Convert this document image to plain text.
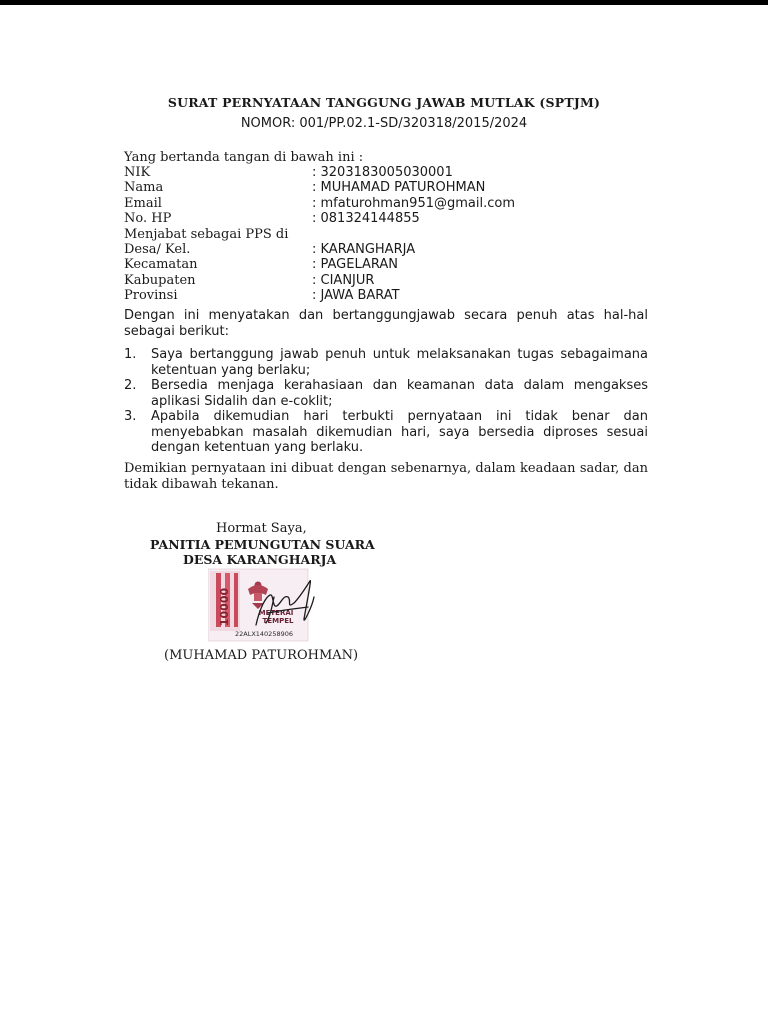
SURAT PERNYATAAN TANGGUNG JAWAB MUTLAK (SPTJM)
NOMOR: 001/PP.02.1-SD/320318/2015/2024
Yang bertanda tangan di bawah ini :
NIK	: 3203183005030001
Nama	: MUHAMAD PATUROHMAN
Email	: mfaturohman951@gmail.com
No. HP	: 081324144855
Menjabat sebagai PPS di
Desa/ Kel.	: KARANGHARJA
Kecamatan	: PAGELARAN
Kabupaten	: CIANJUR
Provinsi	: JAWA BARAT
Dengan ini menyatakan dan bertanggungjawab secara penuh atas hal-hal sebagai berikut:
1.	Saya bertanggung jawab penuh untuk melaksanakan tugas sebagaimana ketentuan yang berlaku;
2.	Bersedia menjaga kerahasiaan dan keamanan data dalam mengakses aplikasi Sidalih dan e-coklit;
3.	Apabila dikemudian hari terbukti pernyataan ini tidak benar dan menyebabkan masalah dikemudian hari, saya bersedia diproses sesuai dengan ketentuan yang berlaku.
Demikian pernyataan ini dibuat dengan sebenarnya, dalam keadaan sadar, dan tidak dibawah tekanan.
Hormat Saya,
PANITIA PEMUNGUTAN SUARA
DESA KARANGHARJA
10000	METERAI
TEMPEL
22ALX140258906
(MUHAMAD PATUROHMAN)
